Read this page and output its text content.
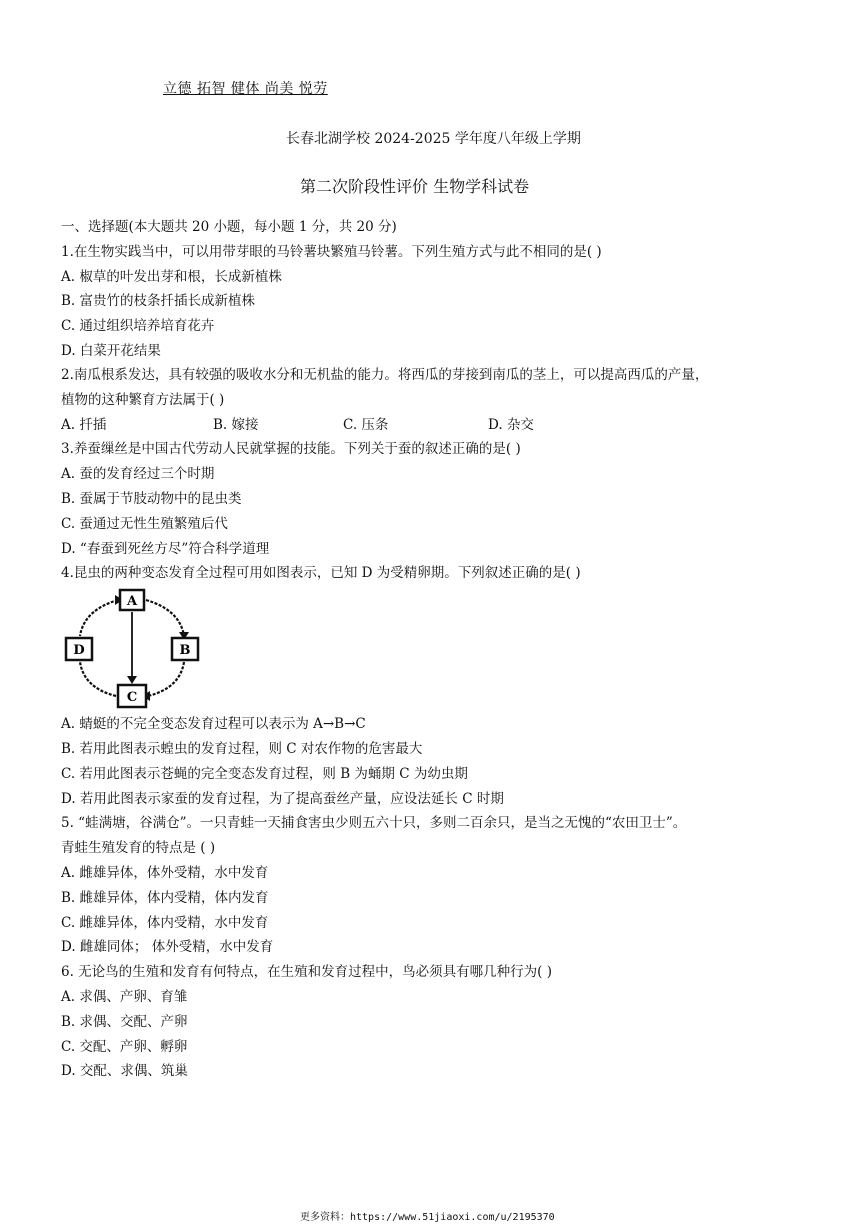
立德 拓智 健体 尚美 悦劳
长春北湖学校 2024-2025 学年度八年级上学期
第二次阶段性评价 生物学科试卷
一、选择题(本大题共 20 小题，每小题 1 分，共 20 分)
1.在生物实践当中，可以用带芽眼的马铃薯块繁殖马铃薯。下列生殖方式与此不相同的是( )
A. 椒草的叶发出芽和根，长成新植株
B. 富贵竹的枝条扦插长成新植株
C. 通过组织培养培育花卉
D. 白菜开花结果
2.南瓜根系发达，具有较强的吸收水分和无机盐的能力。将西瓜的芽接到南瓜的茎上，可以提高西瓜的产量，
植物的这种繁育方法属于( )
A. 扦插	B. 嫁接	C. 压条	D. 杂交
3.养蚕缫丝是中国古代劳动人民就掌握的技能。下列关于蚕的叙述正确的是( )
A. 蚕的发育经过三个时期
B. 蚕属于节肢动物中的昆虫类
C. 蚕通过无性生殖繁殖后代
D. “春蚕到死丝方尽”符合科学道理
4.昆虫的两种变态发育全过程可用如图表示，已知 D 为受精卵期。下列叙述正确的是( )
A
B
C
D
A. 蜻蜓的不完全变态发育过程可以表示为 A→B→C
B. 若用此图表示蝗虫的发育过程，则 C 对农作物的危害最大
C. 若用此图表示苍蝇的完全变态发育过程，则 B 为蛹期 C 为幼虫期
D. 若用此图表示家蚕的发育过程，为了提高蚕丝产量，应设法延长 C 时期
5. “蛙满塘，谷满仓”。一只青蛙一天捕食害虫少则五六十只，多则二百余只，是当之无愧的“农田卫士”。
青蛙生殖发育的特点是 ( )
A. 雌雄异体，体外受精，水中发育
B. 雌雄异体，体内受精，体内发育
C. 雌雄异体，体内受精，水中发育
D. 雌雄同体； 体外受精，水中发育
6. 无论鸟的生殖和发育有何特点，在生殖和发育过程中，鸟必须具有哪几种行为( )
A. 求偶、产卵、育雏
B. 求偶、交配、产卵
C. 交配、产卵、孵卵
D. 交配、求偶、筑巢
更多资料：https://www.51jiaoxi.com/u/2195370
